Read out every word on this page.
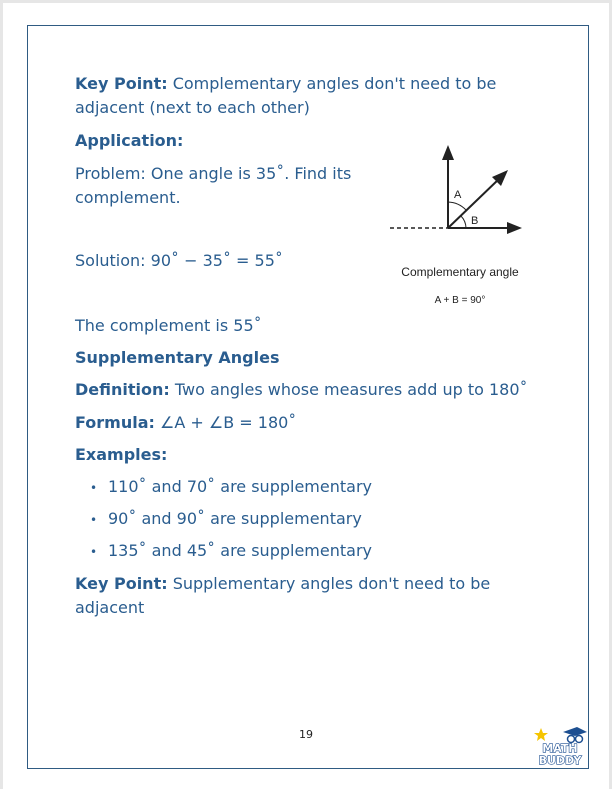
Key Point: Complementary angles don't need to be
adjacent (next to each other)
Application:
Problem: One angle is 35˚. Find its
complement.
Solution: 90˚ − 35˚ = 55˚
The complement is 55˚
Supplementary Angles
Definition: Two angles whose measures add up to 180˚
Formula: ∠A + ∠B = 180˚
Examples:
• 110˚ and 70˚ are supplementary
• 90˚ and 90˚ are supplementary
• 135˚ and 45˚ are supplementary
Key Point: Supplementary angles don't need to be
adjacent
A
B
Complementary angle
A + B = 90°
19
MATH
BUDDY
